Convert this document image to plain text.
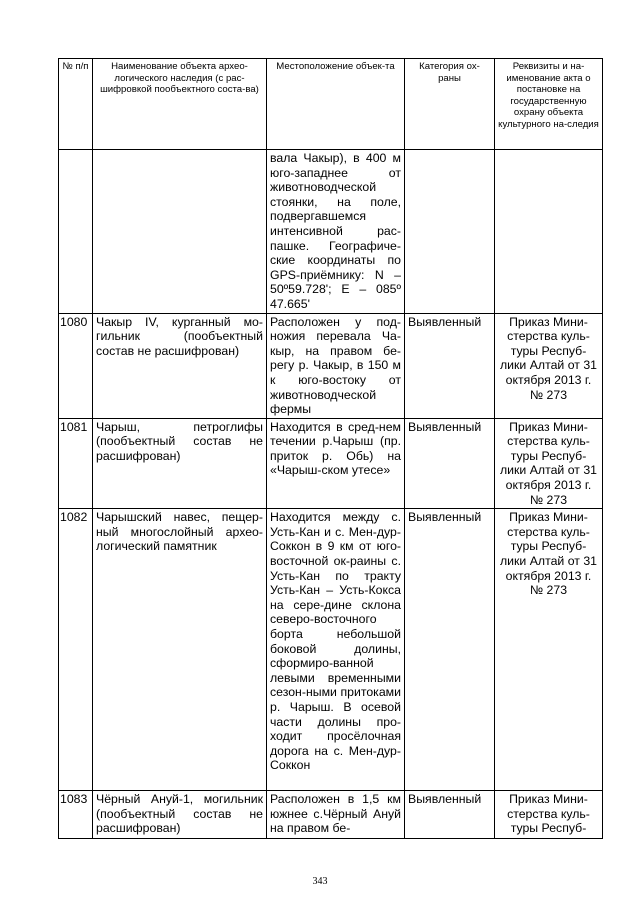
№ п/п	Наименование объекта архео-логического наследия (с рас-шифровкой пообъектного соста-ва)	Местоположение объек-та	Категория ох-раны	Реквизиты и на-именование акта о постановке на государственную охрану объекта культурного на-следия
		вала Чакыр), в 400 м юго-западнее от животноводческой стоянки, на поле, подвергавшемся интенсивной рас-пашке. Географиче-ские координаты по GPS-приёмнику: N – 50º59.728'; E – 085º 47.665'		
1080	Чакыр IV, курганный мо-гильник (пообъектный состав не расшифрован)	Расположен у под-ножия перевала Ча-кыр, на правом бе-регу р. Чакыр, в 150 м к юго-востоку от животноводческой фермы	Выявленный	Приказ Мини-стерства куль-туры Респуб-лики Алтай от 31 октября 2013 г. № 273
1081	Чарыш, петроглифы (пообъектный состав не расшифрован)	Находится в сред-нем течении р.Чарыш (пр. приток р. Обь) на «Чарыш-ском утесе»	Выявленный	Приказ Мини-стерства куль-туры Респуб-лики Алтай от 31 октября 2013 г. № 273
1082	Чарышский навес, пещер-ный многослойный архео-логический памятник	Находится между с. Усть-Кан и с. Мен-дур-Соккон в 9 км от юго-восточной ок-раины с. Усть-Кан по тракту Усть-Кан – Усть-Кокса на сере-дине склона северо-восточного борта небольшой боковой долины, сформиро-ванной левыми временными сезон-ными притоками р. Чарыш. В осевой части долины про-ходит просёлочная дорога на с. Мен-дур-Соккон	Выявленный	Приказ Мини-стерства куль-туры Респуб-лики Алтай от 31 октября 2013 г. № 273
1083	Чёрный Ануй-1, могильник (пообъектный состав не расшифрован)	Расположен в 1,5 км южнее с.Чёрный Ануй на правом бе-	Выявленный	Приказ Мини-стерства куль-туры Респуб-
343
